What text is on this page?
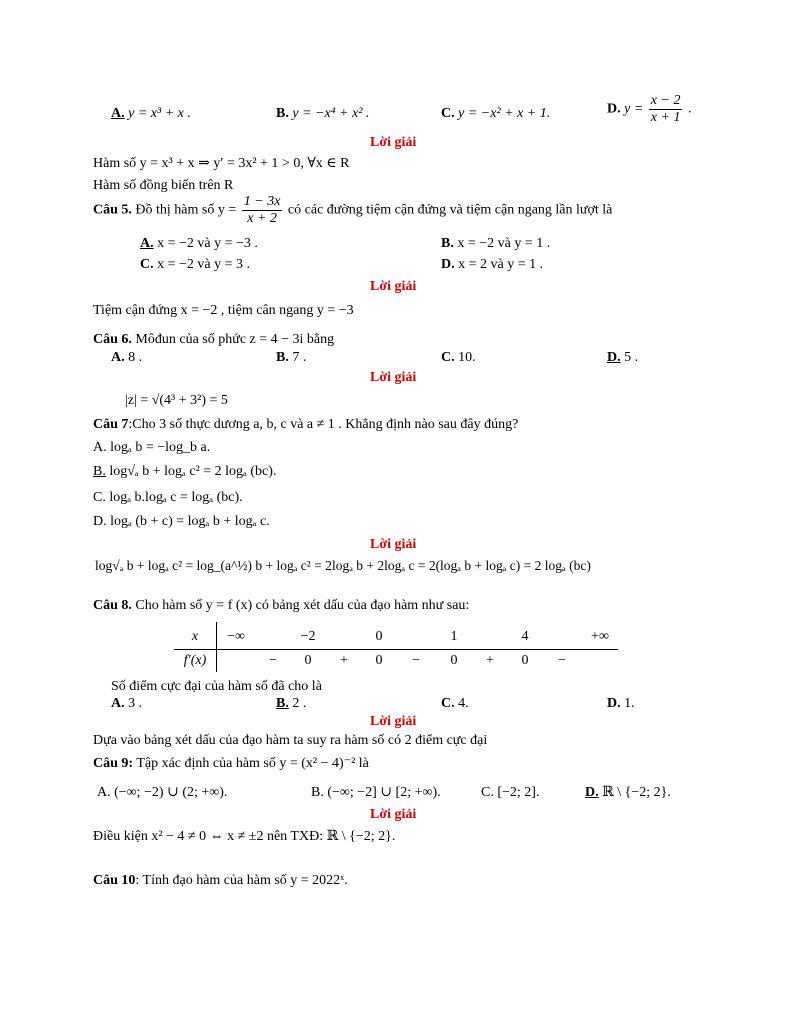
A. y = x³ + x .	B. y = −x⁴ + x² .	C. y = −x² + x + 1.	D. $y = \frac{x - 2}{x + 1}$ .
Lời giải
Hàm số y = x³ + x ⇒ y′ = 3x² + 1 > 0, ∀x ∈ R
Hàm số đồng biến trên R
Câu 5. Đồ thị hàm số $y = \frac{1 - 3x}{x + 2}$ có các đường tiệm cận đứng và tiệm cận ngang lần lượt là
A. x = −2 và y = −3 .	B. x = −2 và y = 1 .
C. x = −2 và y = 3 .	D. x = 2 và y = 1 .
Lời giải
Tiệm cận đứng x = −2 , tiệm cân ngang y = −3
Câu 6. Môđun của số phức z = 4 − 3i bằng
A. 8 .	B. 7 .	C. 10.	D. 5 .
Lời giải
|z| = √(4³ + 3²) = 5
Câu 7:Cho 3 số thực dương a, b, c và a ≠ 1 . Khẳng định nào sau đây đúng?
A. logₐ b = −log_b a.
B. log√ₐ b + logₐ c² = 2 logₐ (bc).
C. logₐ b.logₐ c = logₐ (bc).
D. logₐ (b + c) = logₐ b + logₐ c.
Lời giải
log√ₐ b + logₐ c² = log_(a^½) b + logₐ c² = 2logₐ b + 2logₐ c = 2(logₐ b + logₐ c) = 2 logₐ (bc)
Câu 8. Cho hàm số y = f (x) có bảng xét dấu của đạo hàm như sau:
x	−∞		−2		0		1		4		+∞
f′(x)		−	0	+	0	−	0	+	0	−	
Số điểm cực đại của hàm số đã cho là
A. 3 .	B. 2 .	C. 4.	D. 1.
Lời giải
Dựa vào bảng xét dấu của đạo hàm ta suy ra hàm số có 2 điểm cực đại
Câu 9: Tập xác định của hàm số y = (x² − 4)⁻² là
A. (−∞; −2) ∪ (2; +∞).	B. (−∞; −2] ∪ [2; +∞).	C. [−2; 2].	D. ℝ \ {−2; 2}.
Lời giải
Điều kiện x² − 4 ≠ 0 ⇔ x ≠ ±2 nên TXĐ: ℝ \ {−2; 2}.
Câu 10: Tính đạo hàm của hàm số y = 2022ˣ.
